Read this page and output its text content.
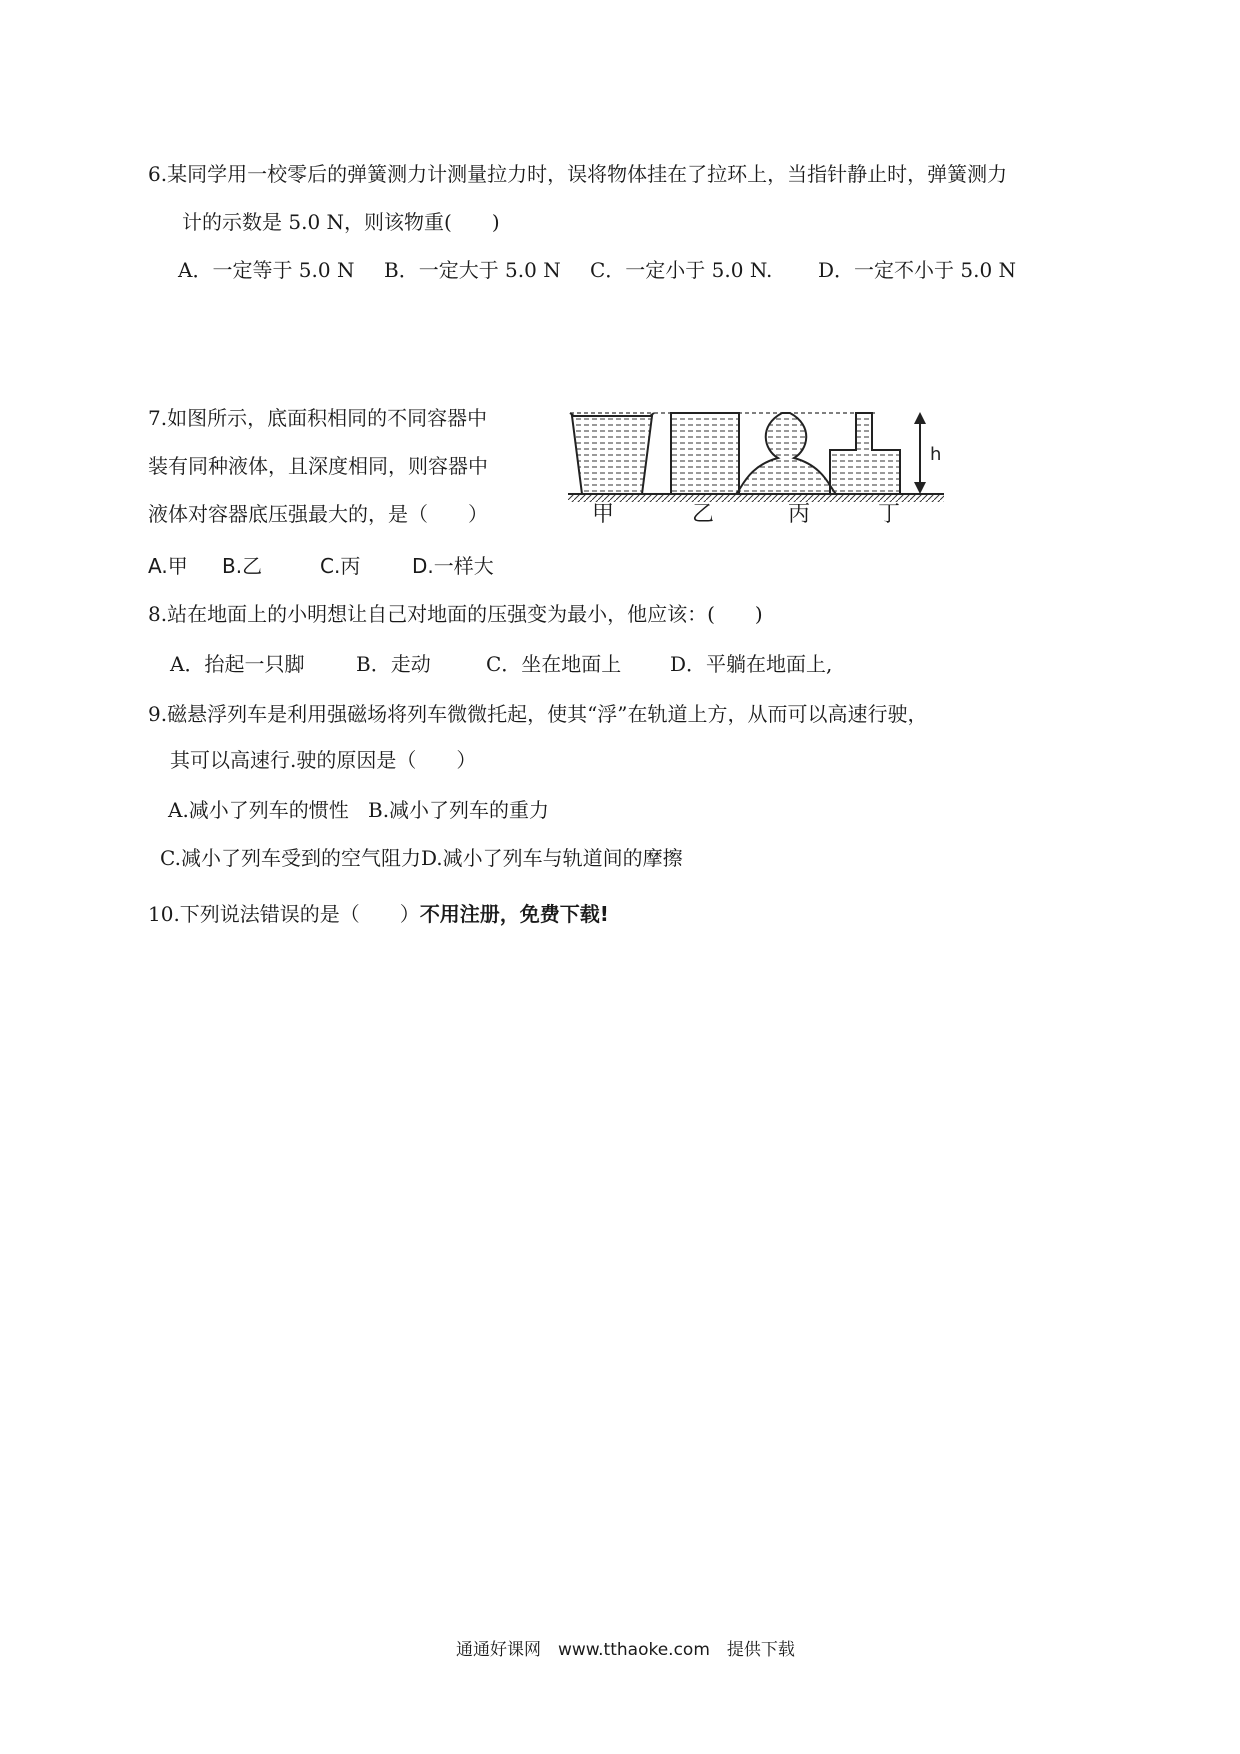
6.某同学用一校零后的弹簧测力计测量拉力时，误将物体挂在了拉环上，当指针静止时，弹簧测力
计的示数是 5.0 N，则该物重(　　)
A．一定等于 5.0 N B．一定大于 5.0 N C．一定小于 5.0 N. D．一定不小于 5.0 N
7.如图所示，底面积相同的不同容器中
装有同种液体，且深度相同，则容器中
液体对容器底压强最大的，是（　　）
A.甲 B.乙	C.丙	D.一样大
h
甲	乙	丙	丁
8.站在地面上的小明想让自己对地面的压强变为最小，他应该：(　　)
A．抬起一只脚	B．走动	C．坐在地面上 D．平躺在地面上,
9.磁悬浮列车是利用强磁场将列车微微托起，使其“浮”在轨道上方，从而可以高速行驶，
其可以高速行.驶的原因是（　　）
A.减小了列车的惯性 B.减小了列车的重力
C.减小了列车受到的空气阻力D.减小了列车与轨道间的摩擦
10.下列说法错误的是（　　）不用注册，免费下载!
通通好课网　www.tthaoke.com　提供下载
